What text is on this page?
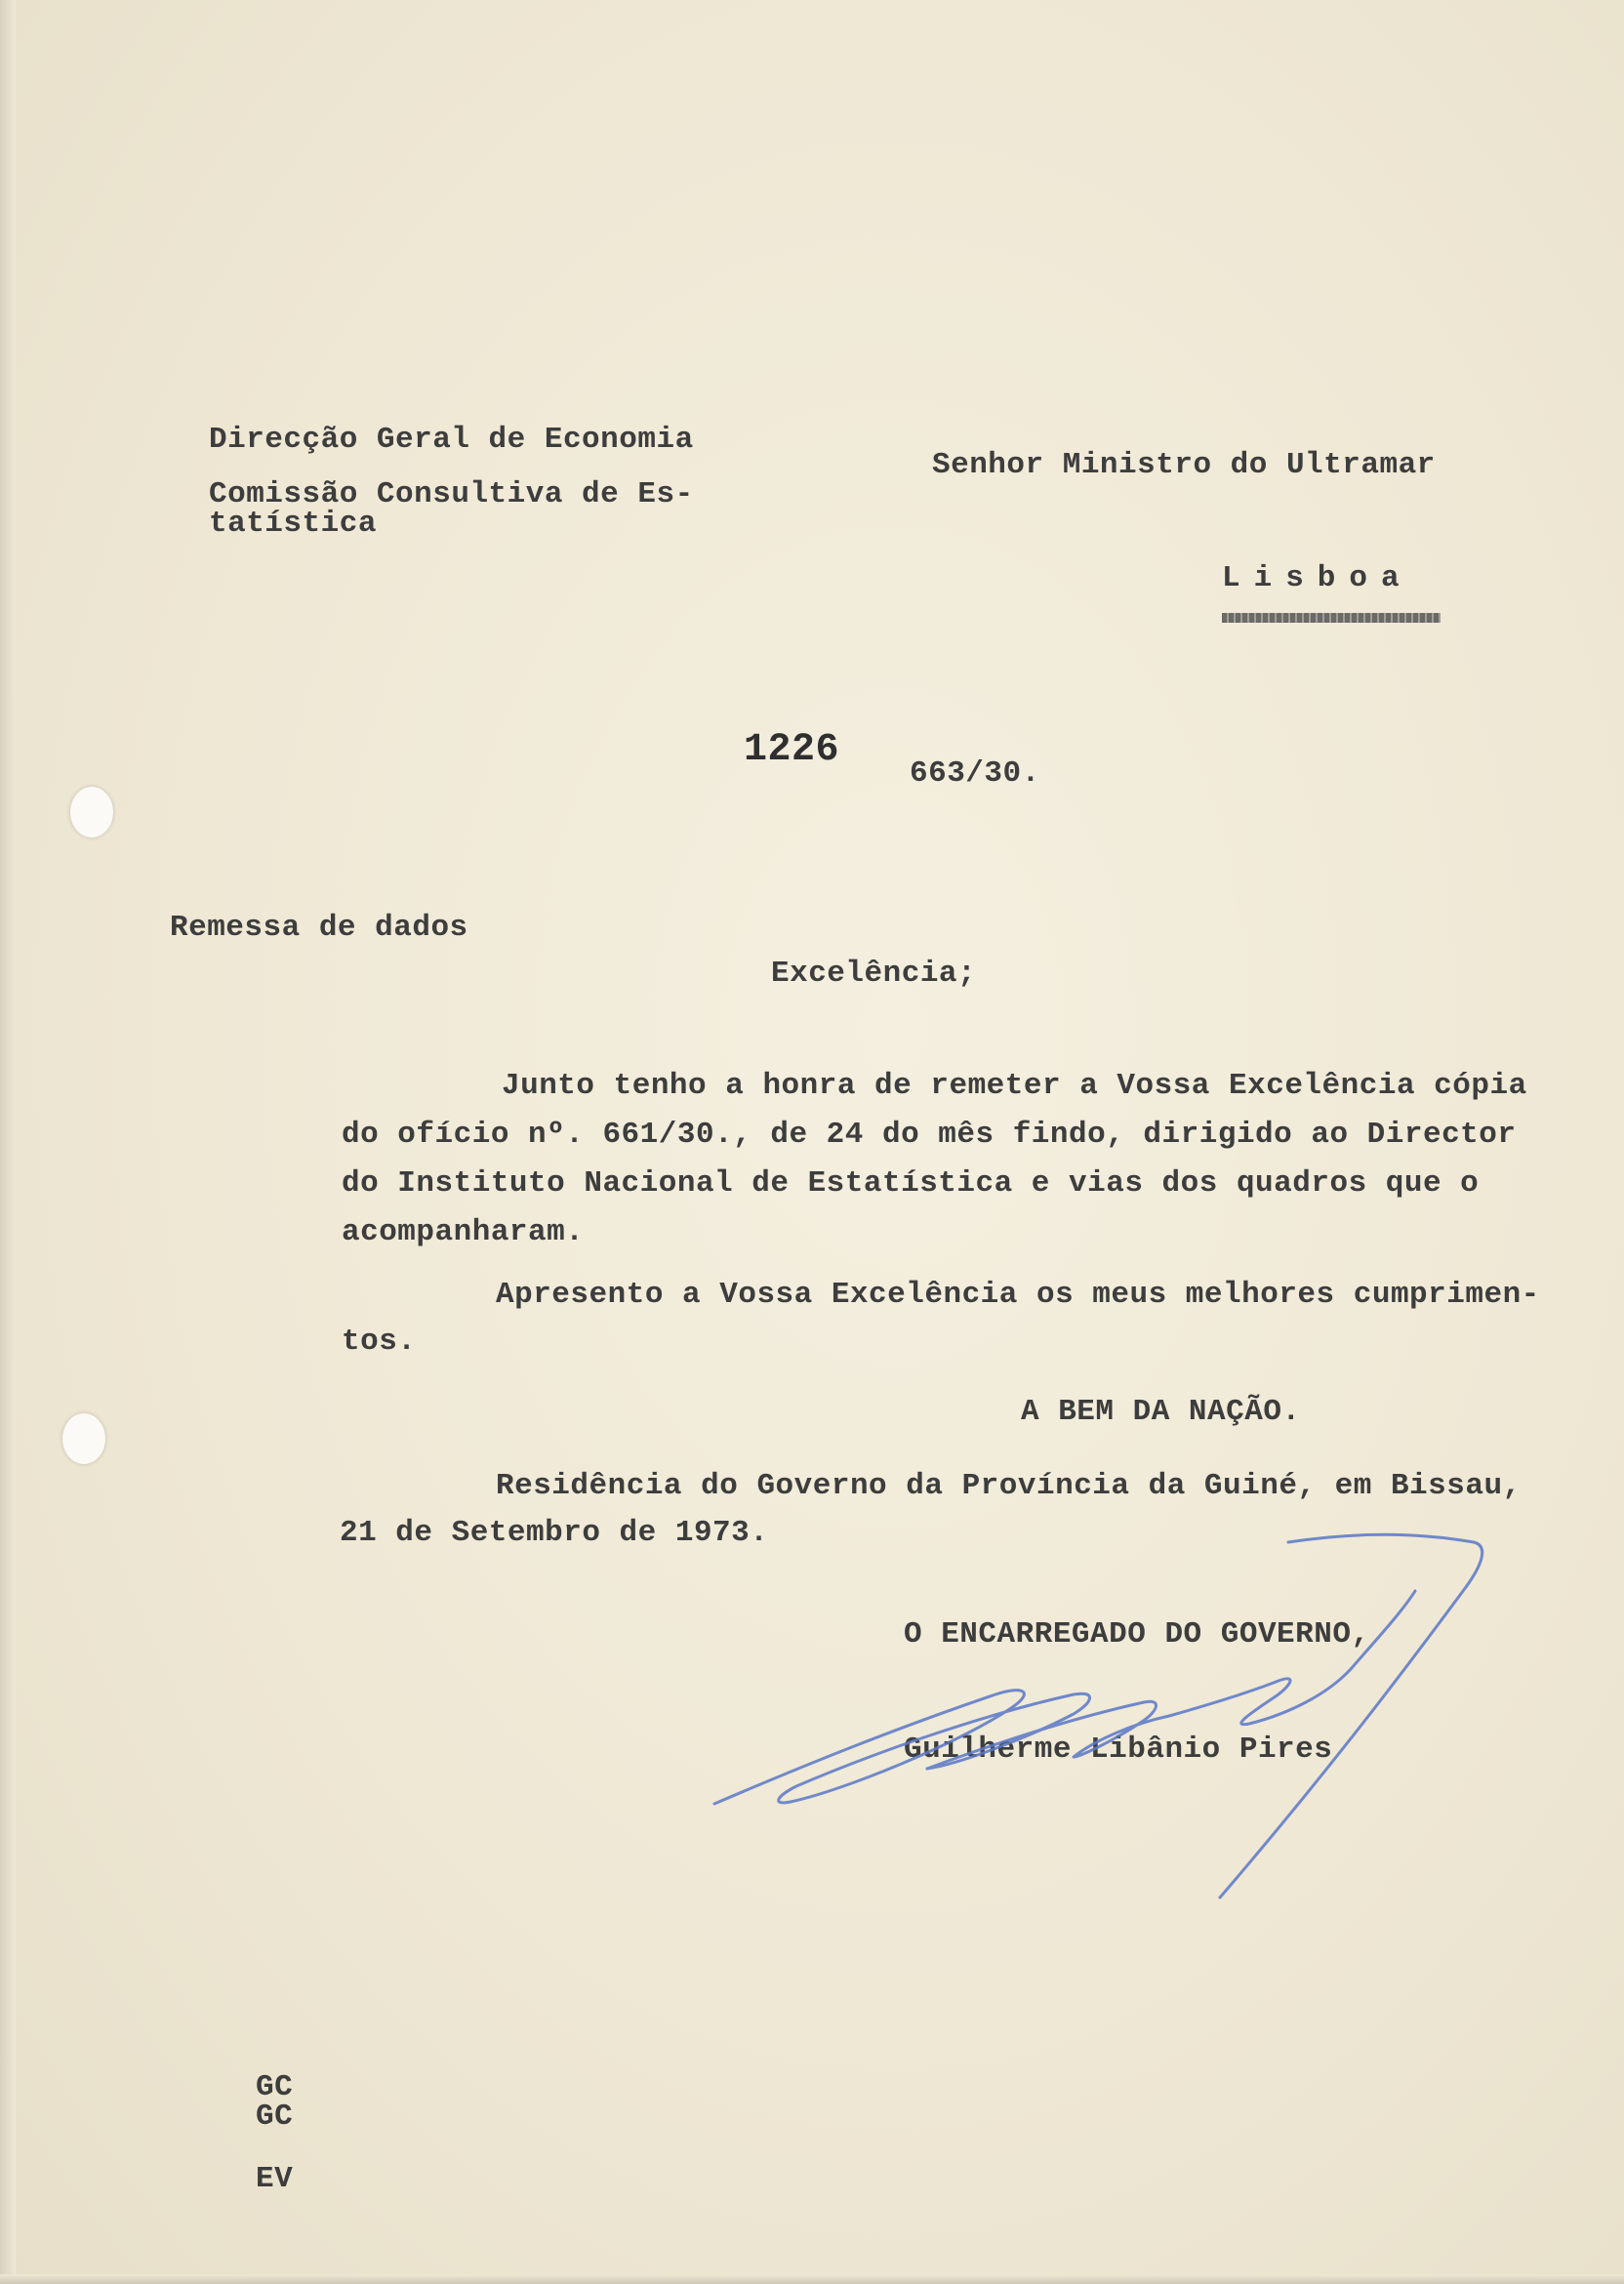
Direcção Geral de Economia
Comissão Consultiva de Es-
tatística
Senhor Ministro do Ultramar
Lisboa
1226
663/30.
Remessa de dados
Excelência;
Junto tenho a honra de remeter a Vossa Excelência cópia
do ofício nº. 661/30., de 24 do mês findo, dirigido ao Director
do Instituto Nacional de Estatística e vias dos quadros que o
acompanharam.
Apresento a Vossa Excelência os meus melhores cumprimen-
tos.
A BEM DA NAÇÃO.
Residência do Governo da Província da Guiné, em Bissau,
21 de Setembro de 1973.
O ENCARREGADO DO GOVERNO,
Guilherme Libânio Pires
GC
GC
EV
